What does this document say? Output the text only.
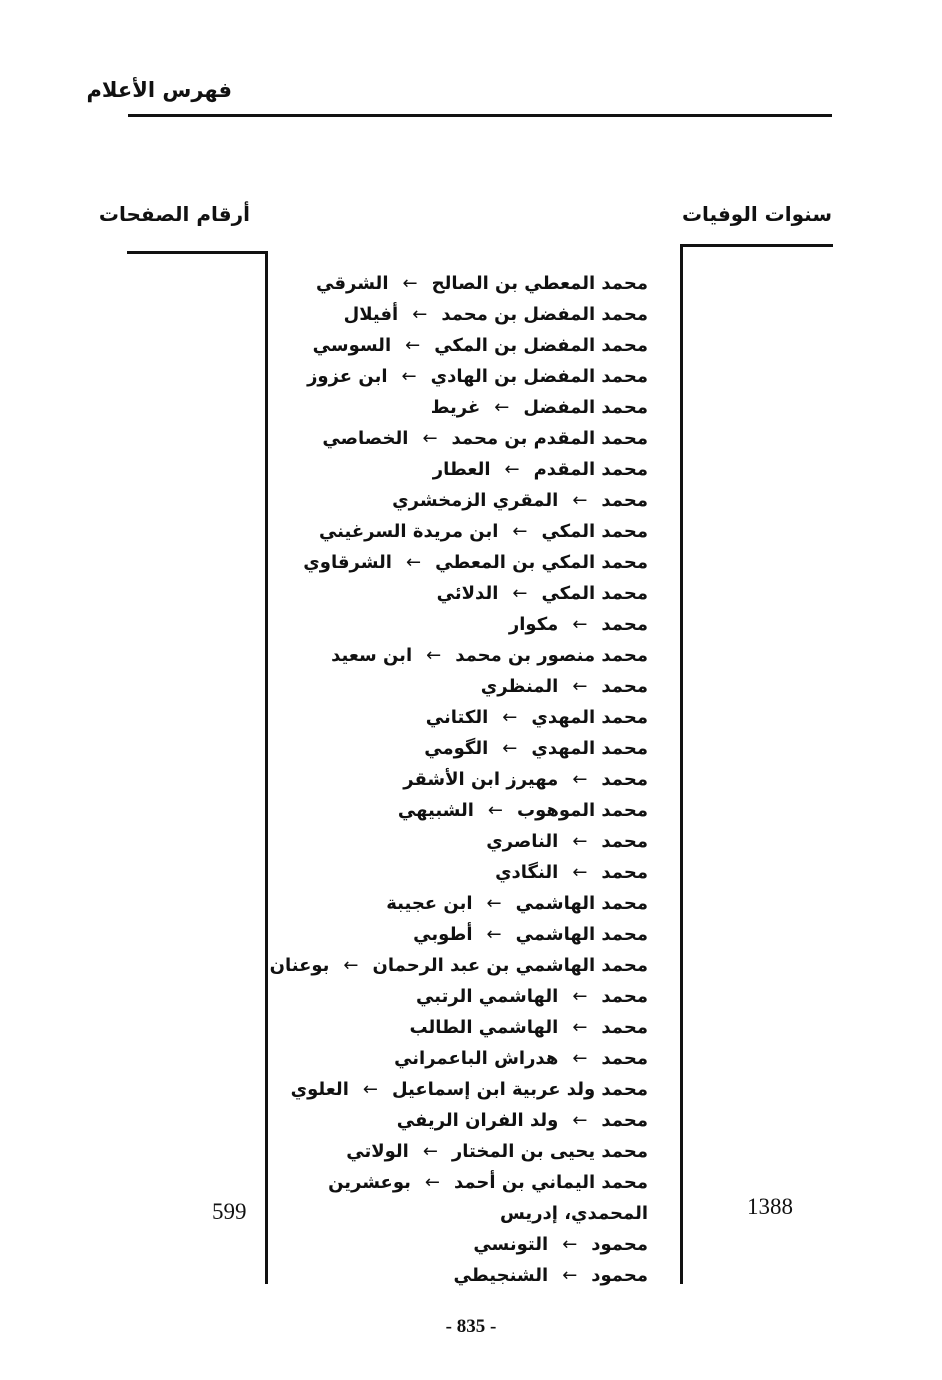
فهرس الأعلام
سنوات الوفيات
أرقام الصفحات
محمد المعطي بن الصالح←الشرقي
محمد المفضل بن محمد←أفيلال
محمد المفضل بن المكي←السوسي
محمد المفضل بن الهادي←ابن عزوز
محمد المفضل←غريط
محمد المقدم بن محمد←الخصاصي
محمد المقدم←العطار
محمد←المقري الزمخشري
محمد المكي←ابن مريدة السرغيني
محمد المكي بن المعطي←الشرقاوي
محمد المكي←الدلائي
محمد←مكوار
محمد منصور بن محمد←ابن سعيد
محمد←المنظري
محمد المهدي←الكتاني
محمد المهدي←الگومي
محمد←مهيرز ابن الأشقر
محمد الموهوب←الشبيهي
محمد←الناصري
محمد←النگادي
محمد الهاشمي←ابن عجيبة
محمد الهاشمي←أطوبي
محمد الهاشمي بن عبد الرحمان←بوعنان
محمد←الهاشمي الرتبي
محمد←الهاشمي الطالب
محمد←هدراش الباعمراني
محمد ولد عربية ابن إسماعيل←العلوي
محمد←ولد الفران الريفي
محمد يحيى بن المختار←الولاتي
محمد اليماني بن أحمد←بوعشرين
المحمدي، إدريس
محمود←التونسي
محمود←الشنجيطي
1388
599
- 835 -
